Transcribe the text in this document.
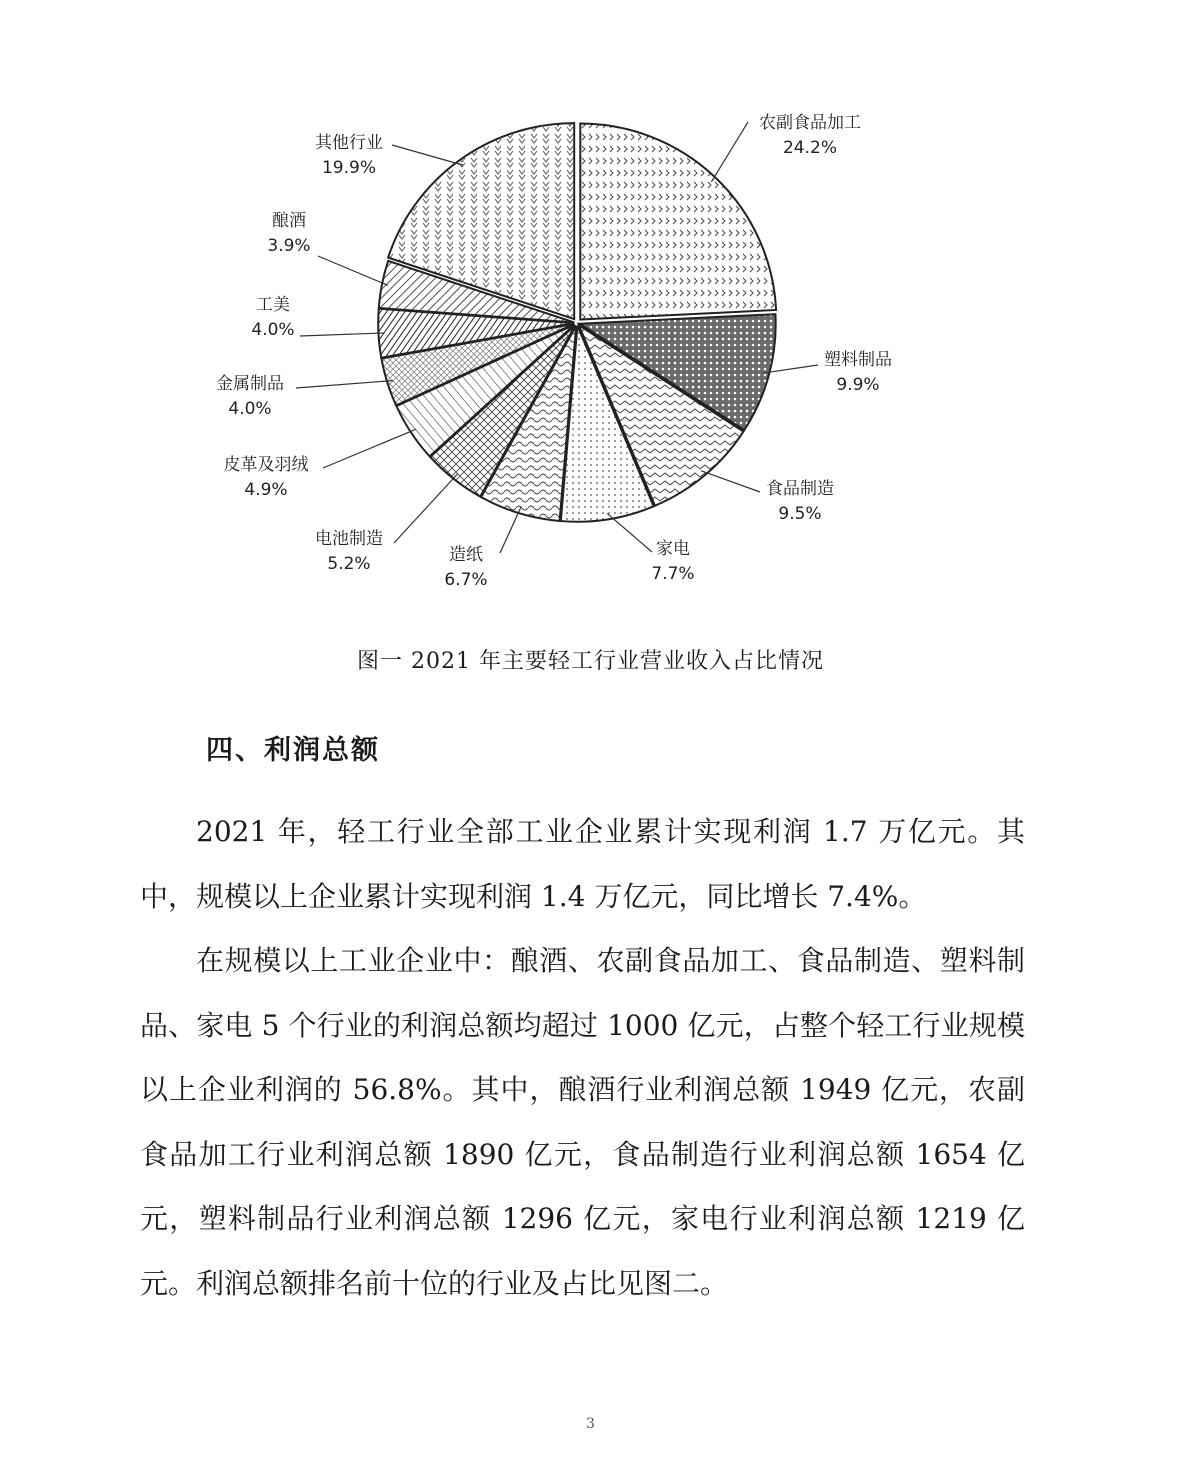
农副食品加工
24.2%
塑料制品
9.9%
食品制造
9.5%
家电
7.7%
造纸
6.7%
电池制造
5.2%
皮革及羽绒
4.9%
金属制品
4.0%
工美
4.0%
酿酒
3.9%
其他行业
19.9%
图一 2021 年主要轻工行业营业收入占比情况
四、利润总额

2021 年，轻工行业全部工业企业累计实现利润 1.7 万亿元。其中，规模以上企业累计实现利润 1.4 万亿元，同比增长 7.4%。

在规模以上工业企业中：酿酒、农副食品加工、食品制造、塑料制品、家电 5 个行业的利润总额均超过 1000 亿元，占整个轻工行业规模以上企业利润的 56.8%。其中，酿酒行业利润总额 1949 亿元，农副食品加工行业利润总额 1890 亿元，食品制造行业利润总额 1654 亿元，塑料制品行业利润总额 1296 亿元，家电行业利润总额 1219 亿元。利润总额排名前十位的行业及占比见图二。

3
